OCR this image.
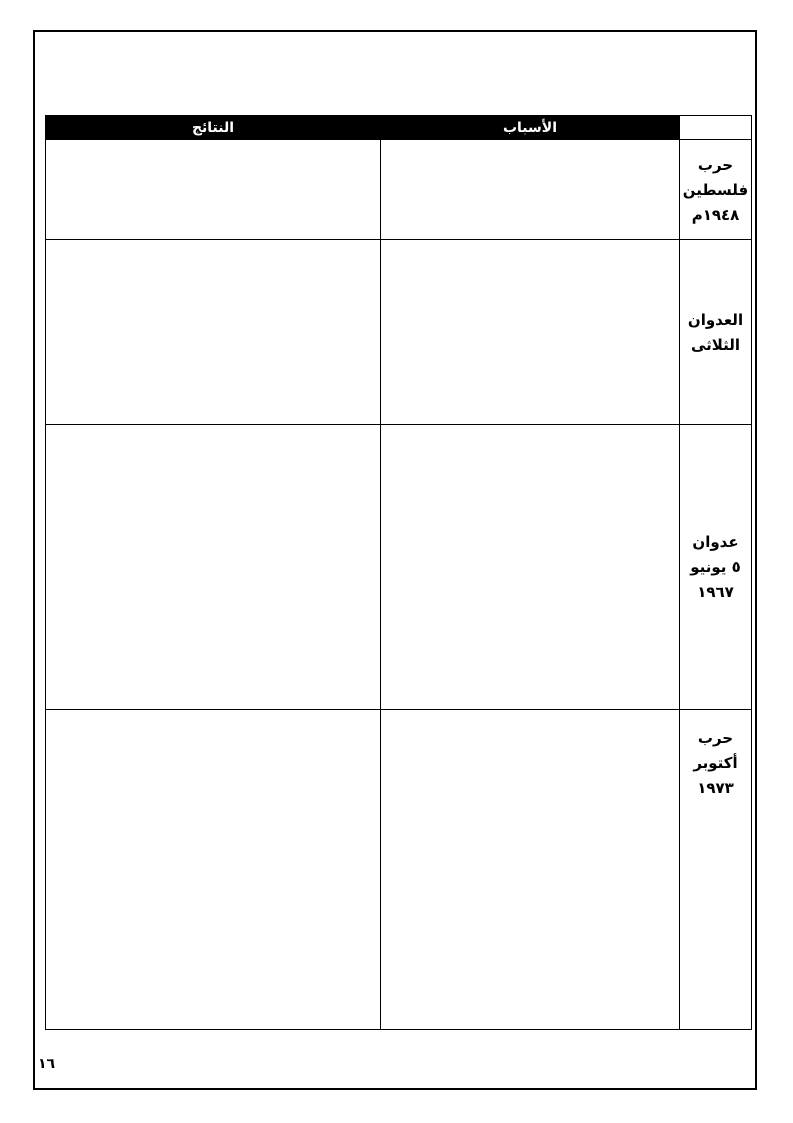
	الأسباب	النتائج

حرب
فلسطين
١٩٤٨م		

العدوان
الثلاثى		

عدوان
٥ يونيو
١٩٦٧		

حرب
أكتوبر
١٩٧٣		

١٦
